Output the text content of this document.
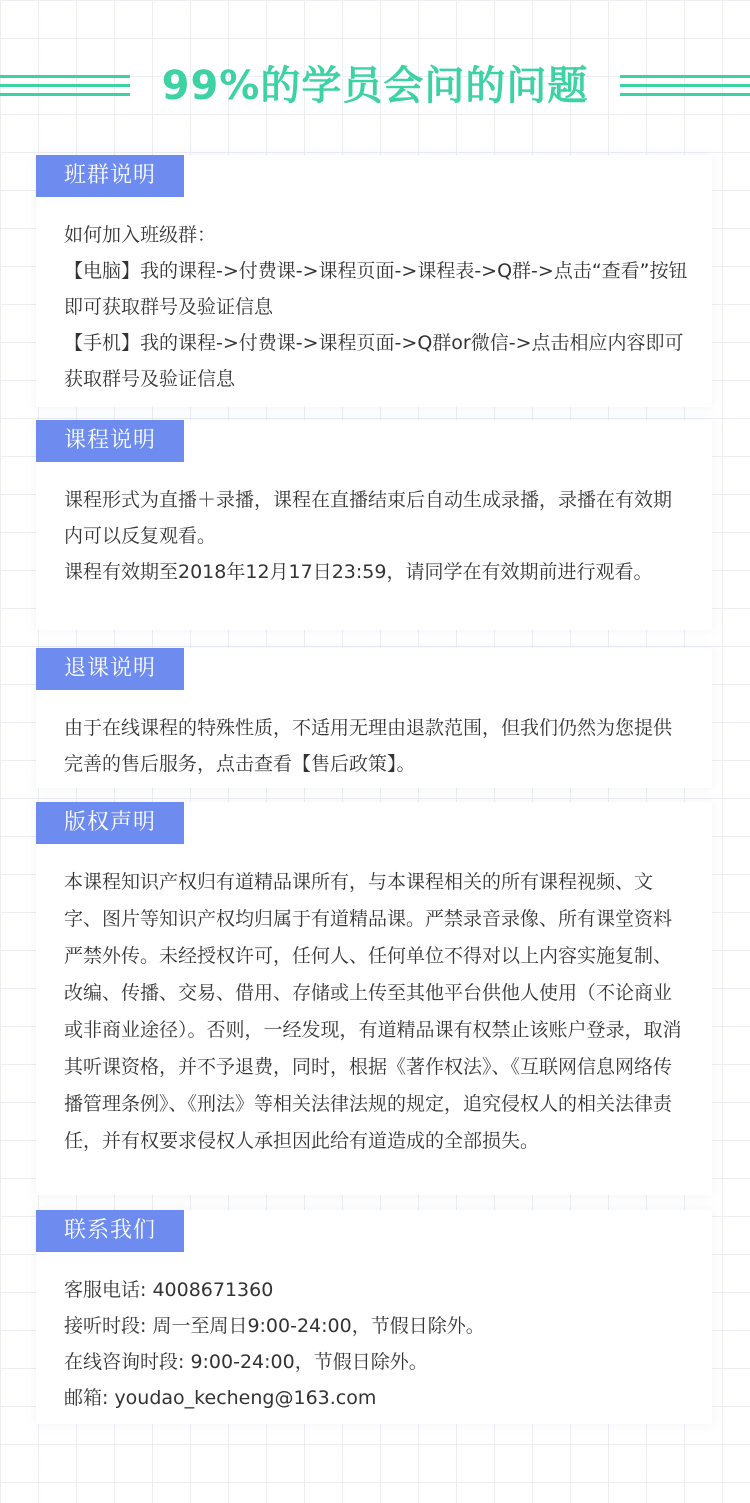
99%的学员会问的问题
班群说明

如何加入班级群：

【电脑】我的课程->付费课->课程页面->课程表->Q群->点击“查看”按钮即可获取群号及验证信息

【手机】我的课程->付费课->课程页面->Q群or微信->点击相应内容即可获取群号及验证信息

课程说明

课程形式为直播＋录播，课程在直播结束后自动生成录播，录播在有效期内可以反复观看。

课程有效期至2018年12月17日23:59，请同学在有效期前进行观看。

退课说明

由于在线课程的特殊性质，不适用无理由退款范围，但我们仍然为您提供完善的售后服务，点击查看【售后政策】。

版权声明

本课程知识产权归有道精品课所有，与本课程相关的所有课程视频、文字、图片等知识产权均归属于有道精品课。严禁录音录像、所有课堂资料严禁外传。未经授权许可，任何人、任何单位不得对以上内容实施复制、改编、传播、交易、借用、存储或上传至其他平台供他人使用（不论商业或非商业途径）。否则，一经发现，有道精品课有权禁止该账户登录，取消其听课资格，并不予退费，同时，根据《著作权法》、《互联网信息网络传播管理条例》、《刑法》等相关法律法规的规定，追究侵权人的相关法律责任，并有权要求侵权人承担因此给有道造成的全部损失。

联系我们

客服电话: 4008671360

接听时段: 周一至周日9:00-24:00，节假日除外。

在线咨询时段: 9:00-24:00，节假日除外。

邮箱: youdao_kecheng@163.com
